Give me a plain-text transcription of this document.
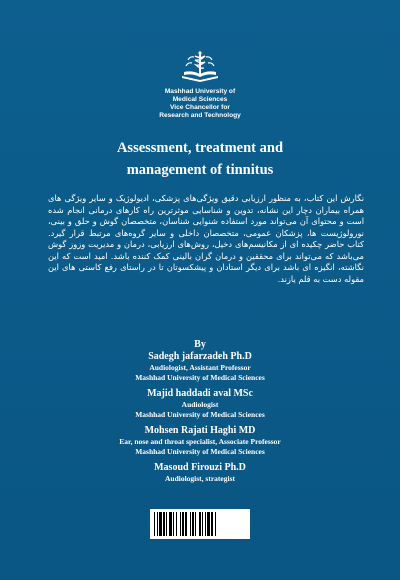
Mashhad University of
Medical Sciences
Vice Chancellor for
Research and Technology
Assessment, treatment and
management of tinnitus
نگارش این کتاب، به منظور ارزیابی دقیق ویژگی‌های پزشکی، ادیولوژیک و سایر ویژگی های همراه بیماران دچار این نشانه، تدوین و شناسایی موثرترین راه کارهای درمانی انجام شده است و محتوای آن می‌تواند مورد استفاده شنوایی شناسان، متخصصان گوش و حلق و بینی، نورولوژیست ها، پزشکان عمومی، متخصصان داخلی و سایر گروه‌های مرتبط قرار گیرد. کتاب حاضر چکیده ای از مکانیسم‌های دخیل، روش‌های ارزیابی، درمان و مدیریت وزوز گوش می‌باشد که می‌تواند برای محققین و درمان گران بالینی کمک کننده باشد. امید است که این نگاشته، انگیزه ای باشد برای دیگر استادان و پیشکسوتان تا در راستای رفع کاستی های این مقوله دست به قلم یازند.
By
Sadegh jafarzadeh Ph.D
Audiologist, Assistant Professor
Mashhad University of Medical Sciences
Majid haddadi aval MSc
Audiologist
Mashhad University of Medical Sciences
Mohsen Rajati Haghi MD
Ear, nose and throat specialist, Associate Professor
Mashhad University of Medical Sciences
Masoud Firouzi Ph.D
Audiologist, strategist
